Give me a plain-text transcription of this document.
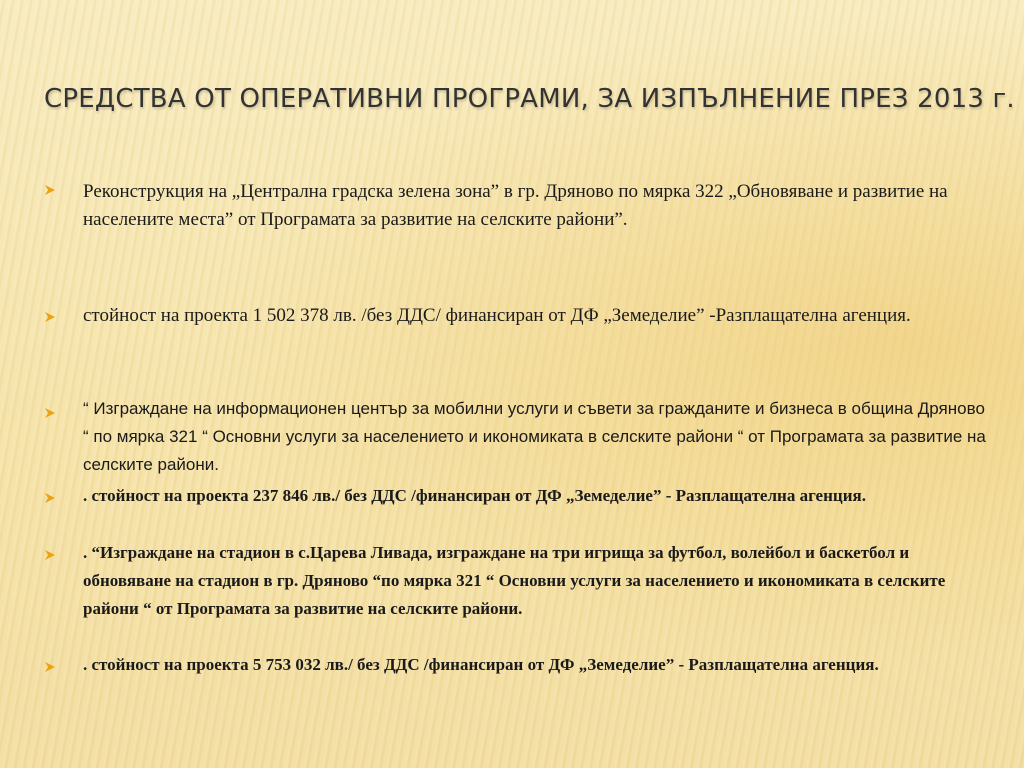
СРЕДСТВА ОТ ОПЕРАТИВНИ ПРОГРАМИ, ЗА ИЗПЪЛНЕНИЕ ПРЕЗ 2013 г.

Реконструкция на „Централна градска зелена зона” в гр. Дряново по мярка 322 „Обновяване и развитие на населените места” от Програмата за развитие на селските райони”.

стойност на проекта 1 502 378 лв. /без ДДС/ финансиран от ДФ „Земеделие” -Разплащателна агенция.

“ Изграждане на информационен център за мобилни услуги и съвети за гражданите и бизнеса в община Дряново “ по мярка 321 “ Основни услуги за населението и икономиката в селските райони “ от Програмата за развитие на селските райони.

. стойност на проекта 237 846 лв./ без ДДС /финансиран от ДФ „Земеделие” - Разплащателна агенция.

. “Изграждане на стадион в с.Царева Ливада, изграждане на три игрища за футбол, волейбол и баскетбол и обновяване на стадион в гр. Дряново “по мярка 321 “ Основни услуги за населението и икономиката в селските райони “ от Програмата за развитие на селските райони.

. стойност на проекта 5 753 032 лв./ без ДДС /финансиран от ДФ „Земеделие” - Разплащателна агенция.
